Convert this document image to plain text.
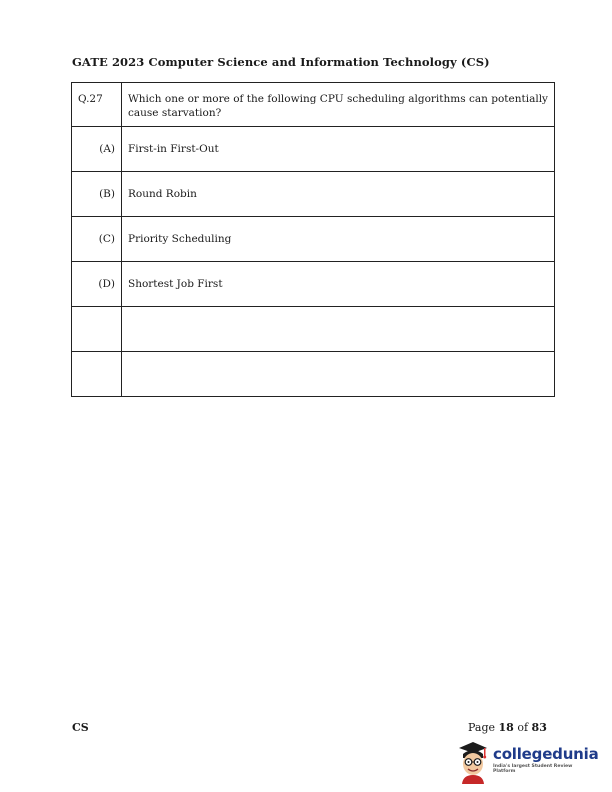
GATE 2023 Computer Science and Information Technology (CS)
Q.27	Which one or more of the following CPU scheduling algorithms can potentially cause starvation?
(A)	First-in First-Out
(B)	Round Robin
(C)	Priority Scheduling
(D)	Shortest Job First

CS	Page 18 of 83
collegedunia
India's largest Student Review Platform
